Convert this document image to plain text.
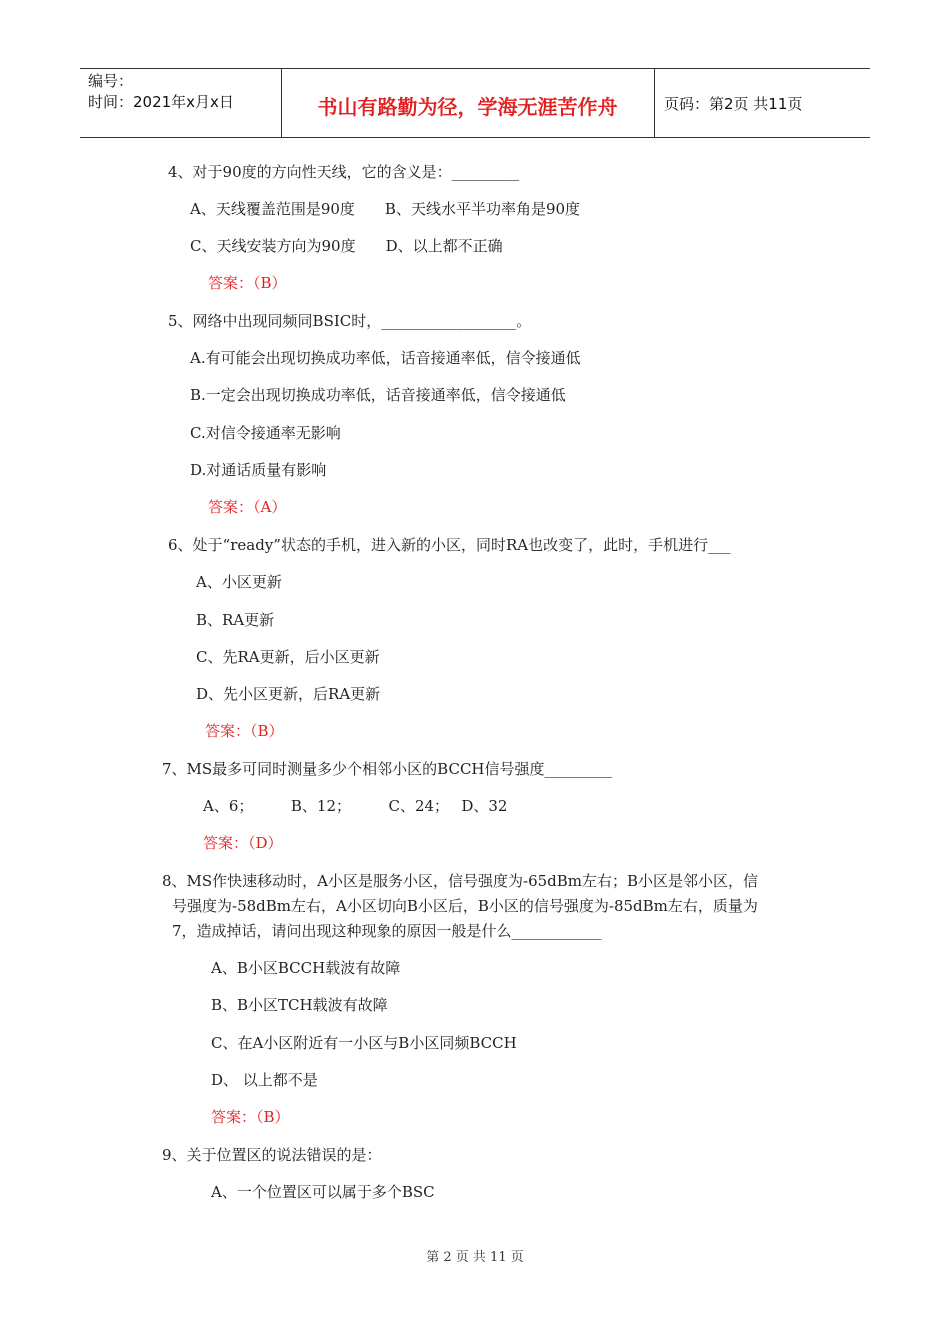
编号：
时间：2021年x月x日	书山有路勤为径，学海无涯苦作舟	页码：第2页 共11页
4、对于90度的方向性天线，它的含义是：_________
A、天线覆盖范围是90度　　B、天线水平半功率角是90度
C、天线安装方向为90度　　D、以上都不正确
答案：（B）
5、网络中出现同频同BSIC时，__________________。
A.有可能会出现切换成功率低，话音接通率低，信令接通低
B.一定会出现切换成功率低，话音接通率低，信令接通低
C.对信令接通率无影响
D.对通话质量有影响
答案：（A）
6、处于“ready”状态的手机，进入新的小区，同时RA也改变了，此时，手机进行___
A、小区更新
B、RA更新
C、先RA更新，后小区更新
D、先小区更新，后RA更新
答案：（B）
7、MS最多可同时测量多少个相邻小区的BCCH信号强度_________
A、6；　　　B、12；　　　C、24；　 D、32
答案：（D）
8、MS作快速移动时，A小区是服务小区，信号强度为-65dBm左右；B小区是邻小区，信
号强度为-58dBm左右，A小区切向B小区后，B小区的信号强度为-85dBm左右，质量为
7，造成掉话，请问出现这种现象的原因一般是什么____________
A、B小区BCCH载波有故障
B、B小区TCH载波有故障
C、在A小区附近有一小区与B小区同频BCCH
D、 以上都不是
答案：（B）
9、关于位置区的说法错误的是：
A、一个位置区可以属于多个BSC
第 2 页 共 11 页
